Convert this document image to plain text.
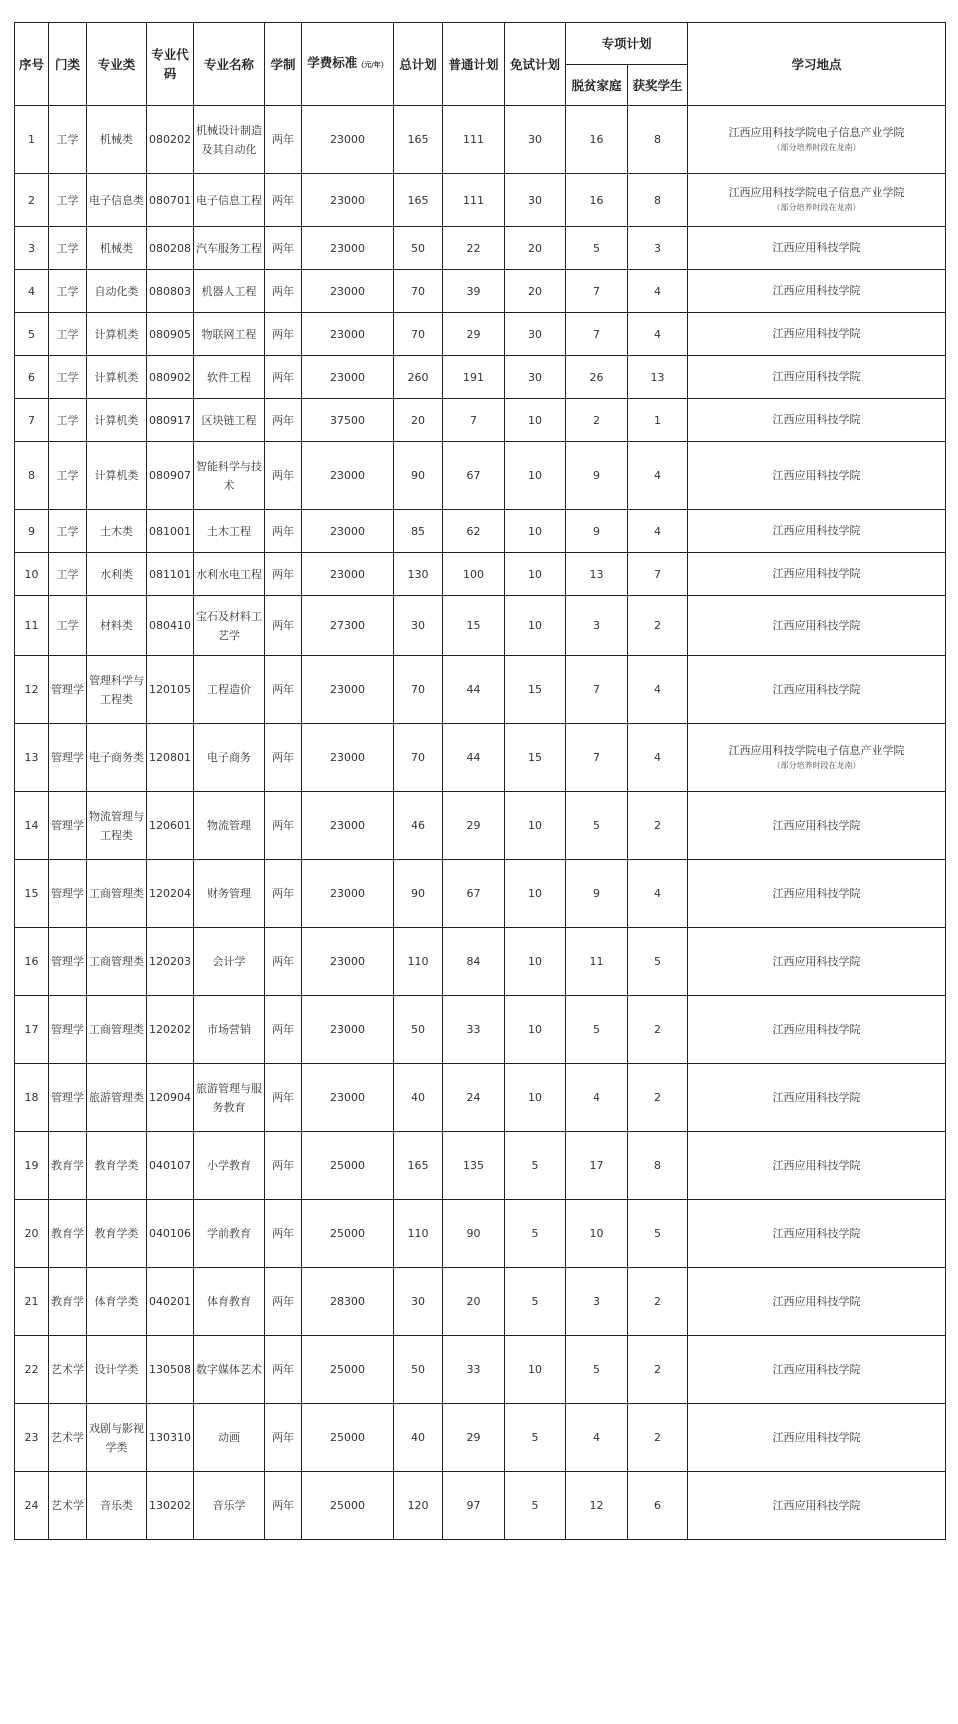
序号	门类	专业类	专业代码	专业名称	学制	学费标准（元/年）	总计划	普通计划	免试计划	专项计划		学习地点
										脱贫家庭	获奖学生	
1	工学	机械类	080202	机械设计制造及其自动化	两年	23000	165	111	30	16	8	江西应用科技学院电子信息产业学院
（部分培养时段在龙南）

2	工学	电子信息类	080701	电子信息工程	两年	23000	165	111	30	16	8	江西应用科技学院电子信息产业学院
（部分培养时段在龙南）

3	工学	机械类	080208	汽车服务工程	两年	23000	50	22	20	5	3	江西应用科技学院

4	工学	自动化类	080803	机器人工程	两年	23000	70	39	20	7	4	江西应用科技学院

5	工学	计算机类	080905	物联网工程	两年	23000	70	29	30	7	4	江西应用科技学院

6	工学	计算机类	080902	软件工程	两年	23000	260	191	30	26	13	江西应用科技学院

7	工学	计算机类	080917	区块链工程	两年	37500	20	7	10	2	1	江西应用科技学院

8	工学	计算机类	080907	智能科学与技术	两年	23000	90	67	10	9	4	江西应用科技学院

9	工学	土木类	081001	土木工程	两年	23000	85	62	10	9	4	江西应用科技学院

10	工学	水利类	081101	水利水电工程	两年	23000	130	100	10	13	7	江西应用科技学院

11	工学	材料类	080410	宝石及材料工艺学	两年	27300	30	15	10	3	2	江西应用科技学院

12	管理学	管理科学与工程类	120105	工程造价	两年	23000	70	44	15	7	4	江西应用科技学院

13	管理学	电子商务类	120801	电子商务	两年	23000	70	44	15	7	4	江西应用科技学院电子信息产业学院
（部分培养时段在龙南）

14	管理学	物流管理与工程类	120601	物流管理	两年	23000	46	29	10	5	2	江西应用科技学院

15	管理学	工商管理类	120204	财务管理	两年	23000	90	67	10	9	4	江西应用科技学院

16	管理学	工商管理类	120203	会计学	两年	23000	110	84	10	11	5	江西应用科技学院

17	管理学	工商管理类	120202	市场营销	两年	23000	50	33	10	5	2	江西应用科技学院

18	管理学	旅游管理类	120904	旅游管理与服务教育	两年	23000	40	24	10	4	2	江西应用科技学院

19	教育学	教育学类	040107	小学教育	两年	25000	165	135	5	17	8	江西应用科技学院

20	教育学	教育学类	040106	学前教育	两年	25000	110	90	5	10	5	江西应用科技学院

21	教育学	体育学类	040201	体育教育	两年	28300	30	20	5	3	2	江西应用科技学院

22	艺术学	设计学类	130508	数字媒体艺术	两年	25000	50	33	10	5	2	江西应用科技学院

23	艺术学	戏剧与影视学类	130310	动画	两年	25000	40	29	5	4	2	江西应用科技学院

24	艺术学	音乐类	130202	音乐学	两年	25000	120	97	5	12	6	江西应用科技学院
